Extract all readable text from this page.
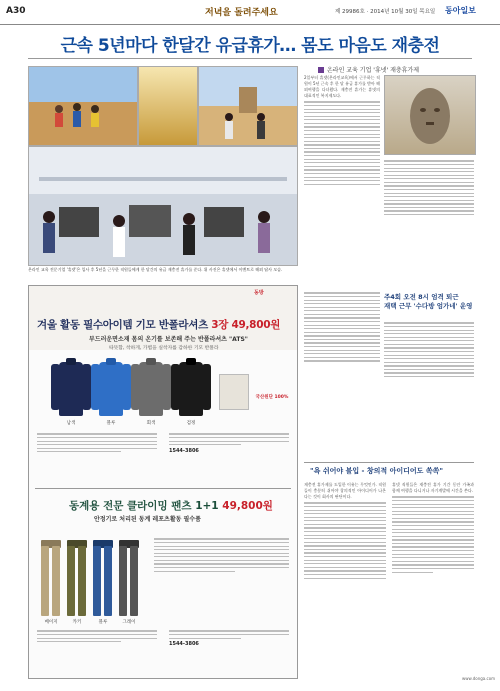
A30	저녁을 돌려주세요	제 29986호 · 2014년 10월 30일 목요일 동아일보
근속 5년마다 한달간 유급휴가… 몸도 마음도 재충전
온라인 교육 기업 '휴넷' 재충휴가제
온라인 교육 전문기업 '휴넷'은 입사 후 5년을 근무한 직원들에게 한 달간의 유급 재충전 휴가를 준다. 위 사진은 휴넷에서 이벤트로 해외 답사 모습.
동방
겨울 활동 필수아이템 기모 반폴라셔츠 3장 49,800원
부드러운면소재 몸의 온기를 보존해 주는 반폴라셔츠 "ATS"
따뜻함, 착하게, 가볍을 실착자를 감하한 기모 반폴라
남색	블루	회색	검정
국산원단 100%
1544-3806
동계용 전문 클라이밍 팬츠 1+1 49,800원
안정기로 처리된 동계 레포츠활동 필수품
베이지	카키	블루	그레이
1544-3806
2일부터 휴넷(온라인교육)에서 근무하는 직원이 5년 근속 후 한 달 유급 휴가를 받아 해외여행을 다녀왔다. 재충전 휴가는 휴넷의 대표적인 복지제도다.
주4회 오전 8시 엄격 퇴근
재택 근무 '수다방 엄가네' 운영
"욕 쉬어야 불입 - 창의적 아이디어도 쏙쏙"
재충전 휴가제를 도입한 이유는 무엇인가. 직원들이 충분히 쉬어야 창의적인 아이디어가 나온다는 것이 회사의 판단이다.
휴넷 직원들은 재충전 휴가 기간 동안 가족과 함께 여행을 다니거나 자기계발에 시간을 쓴다.
www.donga.com
